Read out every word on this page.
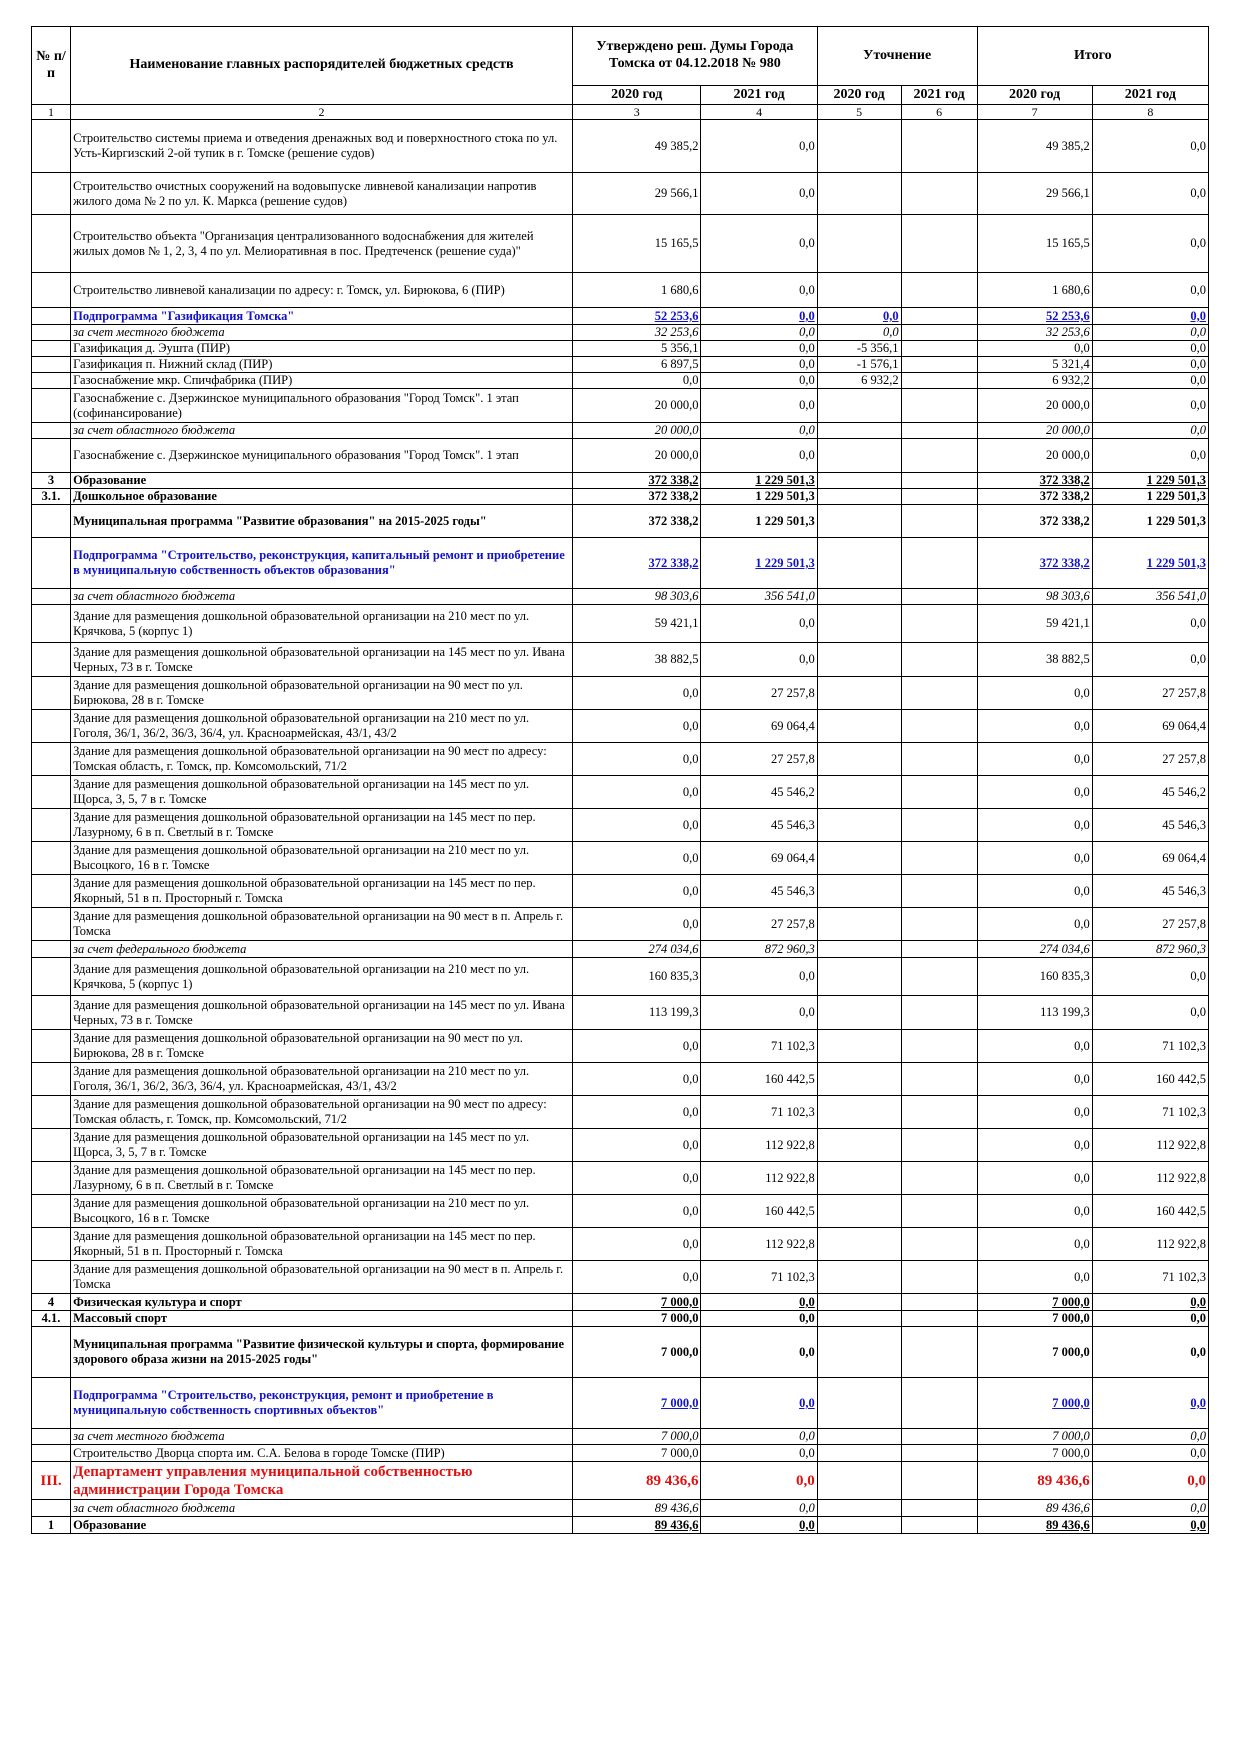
№ п/п	Наименование главных распорядителей бюджетных средств	Утверждено реш. Думы Города Томска от 04.12.2018 № 980		Уточнение		Итого	
		2020 год	2021 год	2020 год	2021 год	2020 год	2021 год
1	2	3	4	5	6	7	8
	Строительство системы приема и отведения дренажных вод и поверхностного стока по ул. Усть-Киргизский 2-ой тупик в г. Томске (решение судов)	49 385,2	0,0			49 385,2	0,0
	Строительство очистных сооружений на водовыпуске ливневой канализации напротив жилого дома № 2 по ул. К. Маркса (решение судов)	29 566,1	0,0			29 566,1	0,0
	Строительство объекта "Организация централизованного водоснабжения для жителей жилых домов № 1, 2, 3, 4 по ул. Мелиоративная в пос. Предтеченск (решение суда)"	15 165,5	0,0			15 165,5	0,0
	Строительство ливневой канализации по адресу: г. Томск, ул. Бирюкова, 6 (ПИР)	1 680,6	0,0			1 680,6	0,0
	Подпрограмма "Газификация Томска"	52 253,6	0,0	0,0		52 253,6	0,0
	за счет местного бюджета	32 253,6	0,0	0,0		32 253,6	0,0
	Газификация д. Эушта (ПИР)	5 356,1	0,0	-5 356,1		0,0	0,0
	Газификация п. Нижний склад (ПИР)	6 897,5	0,0	-1 576,1		5 321,4	0,0
	Газоснабжение мкр. Спичфабрика (ПИР)	0,0	0,0	6 932,2		6 932,2	0,0
	Газоснабжение с. Дзержинское муниципального образования "Город Томск". 1 этап (софинансирование)	20 000,0	0,0			20 000,0	0,0
	за счет областного бюджета	20 000,0	0,0			20 000,0	0,0
	Газоснабжение с. Дзержинское муниципального образования "Город Томск". 1 этап	20 000,0	0,0			20 000,0	0,0
3	Образование	372 338,2	1 229 501,3			372 338,2	1 229 501,3
3.1.	Дошкольное образование	372 338,2	1 229 501,3			372 338,2	1 229 501,3
	Муниципальная программа "Развитие образования" на 2015-2025 годы"	372 338,2	1 229 501,3			372 338,2	1 229 501,3
	Подпрограмма "Строительство, реконструкция, капитальный ремонт и приобретение в муниципальную собственность объектов образования"	372 338,2	1 229 501,3			372 338,2	1 229 501,3
	за счет областного бюджета	98 303,6	356 541,0			98 303,6	356 541,0
	Здание для размещения дошкольной образовательной организации на 210 мест по ул. Крячкова, 5 (корпус 1)	59 421,1	0,0			59 421,1	0,0
	Здание для размещения дошкольной образовательной организации на 145 мест по ул. Ивана Черных, 73 в г. Томске	38 882,5	0,0			38 882,5	0,0
	Здание для размещения дошкольной образовательной организации на 90 мест по ул. Бирюкова, 28 в г. Томске	0,0	27 257,8			0,0	27 257,8
	Здание для размещения дошкольной образовательной организации на 210 мест по ул. Гоголя, 36/1, 36/2, 36/3, 36/4, ул. Красноармейская, 43/1, 43/2	0,0	69 064,4			0,0	69 064,4
	Здание для размещения дошкольной образовательной организации на 90 мест по адресу: Томская область, г. Томск, пр. Комсомольский, 71/2	0,0	27 257,8			0,0	27 257,8
	Здание для размещения дошкольной образовательной организации на 145 мест по ул. Щорса, 3, 5, 7 в г. Томске	0,0	45 546,2			0,0	45 546,2
	Здание для размещения дошкольной образовательной организации на 145 мест по пер. Лазурному, 6 в п. Светлый в г. Томске	0,0	45 546,3			0,0	45 546,3
	Здание для размещения дошкольной образовательной организации на 210 мест по ул. Высоцкого, 16 в г. Томске	0,0	69 064,4			0,0	69 064,4
	Здание для размещения дошкольной образовательной организации на 145 мест по пер. Якорный, 51 в п. Просторный г. Томска	0,0	45 546,3			0,0	45 546,3
	Здание для размещения дошкольной образовательной организации на 90 мест в п. Апрель г. Томска	0,0	27 257,8			0,0	27 257,8
	за счет федерального бюджета	274 034,6	872 960,3			274 034,6	872 960,3
	Здание для размещения дошкольной образовательной организации на 210 мест по ул. Крячкова, 5 (корпус 1)	160 835,3	0,0			160 835,3	0,0
	Здание для размещения дошкольной образовательной организации на 145 мест по ул. Ивана Черных, 73 в г. Томске	113 199,3	0,0			113 199,3	0,0
	Здание для размещения дошкольной образовательной организации на 90 мест по ул. Бирюкова, 28 в г. Томске	0,0	71 102,3			0,0	71 102,3
	Здание для размещения дошкольной образовательной организации на 210 мест по ул. Гоголя, 36/1, 36/2, 36/3, 36/4, ул. Красноармейская, 43/1, 43/2	0,0	160 442,5			0,0	160 442,5
	Здание для размещения дошкольной образовательной организации на 90 мест по адресу: Томская область, г. Томск, пр. Комсомольский, 71/2	0,0	71 102,3			0,0	71 102,3
	Здание для размещения дошкольной образовательной организации на 145 мест по ул. Щорса, 3, 5, 7 в г. Томске	0,0	112 922,8			0,0	112 922,8
	Здание для размещения дошкольной образовательной организации на 145 мест по пер. Лазурному, 6 в п. Светлый в г. Томске	0,0	112 922,8			0,0	112 922,8
	Здание для размещения дошкольной образовательной организации на 210 мест по ул. Высоцкого, 16 в г. Томске	0,0	160 442,5			0,0	160 442,5
	Здание для размещения дошкольной образовательной организации на 145 мест по пер. Якорный, 51 в п. Просторный г. Томска	0,0	112 922,8			0,0	112 922,8
	Здание для размещения дошкольной образовательной организации на 90 мест в п. Апрель г. Томска	0,0	71 102,3			0,0	71 102,3
4	Физическая культура и спорт	7 000,0	0,0			7 000,0	0,0
4.1.	Массовый спорт	7 000,0	0,0			7 000,0	0,0
	Муниципальная программа "Развитие физической культуры и спорта, формирование здорового образа жизни на 2015-2025 годы"	7 000,0	0,0			7 000,0	0,0
	Подпрограмма "Строительство, реконструкция, ремонт и приобретение в муниципальную собственность спортивных объектов"	7 000,0	0,0			7 000,0	0,0
	за счет местного бюджета	7 000,0	0,0			7 000,0	0,0
	Строительство Дворца спорта им. С.А. Белова в городе Томске (ПИР)	7 000,0	0,0			7 000,0	0,0
III.	Департамент управления муниципальной собственностью администрации Города Томска	89 436,6	0,0			89 436,6	0,0
	за счет областного бюджета	89 436,6	0,0			89 436,6	0,0
1	Образование	89 436,6	0,0			89 436,6	0,0
